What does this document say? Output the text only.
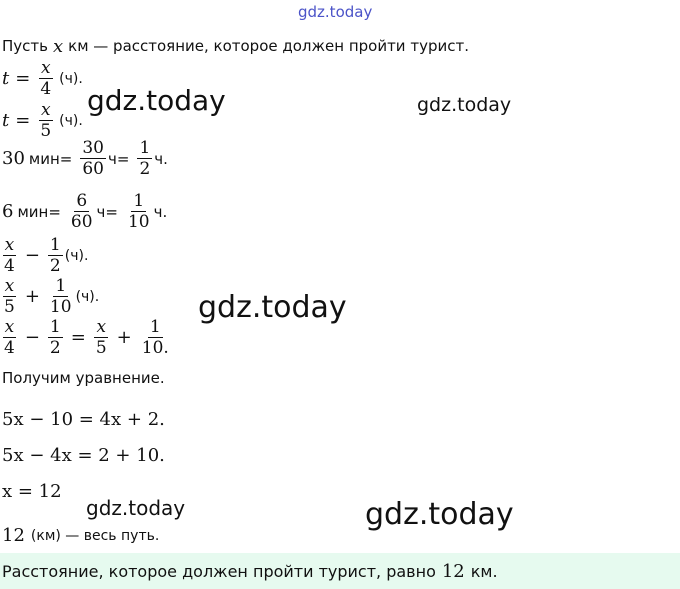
gdz.today
Пусть x км — расстояние, которое должен пройти турист.
$t = \frac{x}{4} (ч)$.
$t = \frac{x}{5} (ч)$.
30 $мин= \frac{30}{60} ч= \frac{1}{2} ч$.
6 $мин= \frac{6}{60} ч= \frac{1}{10} ч$.
$\frac{x}{4} - \frac{1}{2} (ч)$.
$\frac{x}{5} + \frac{1}{10} (ч)$.
$\frac{x}{4} - \frac{1}{2} = \frac{x}{5} + \frac{1}{10.}$
Получим уравнение.
5x − 10 = 4x + 2.
5x − 4x = 2 + 10.
x = 12
12 (км) — весь путь.
Расстояние, которое должен пройти турист, равно 12 км.
gdz.today	gdz.today
gdz.today
gdz.today	gdz.today
